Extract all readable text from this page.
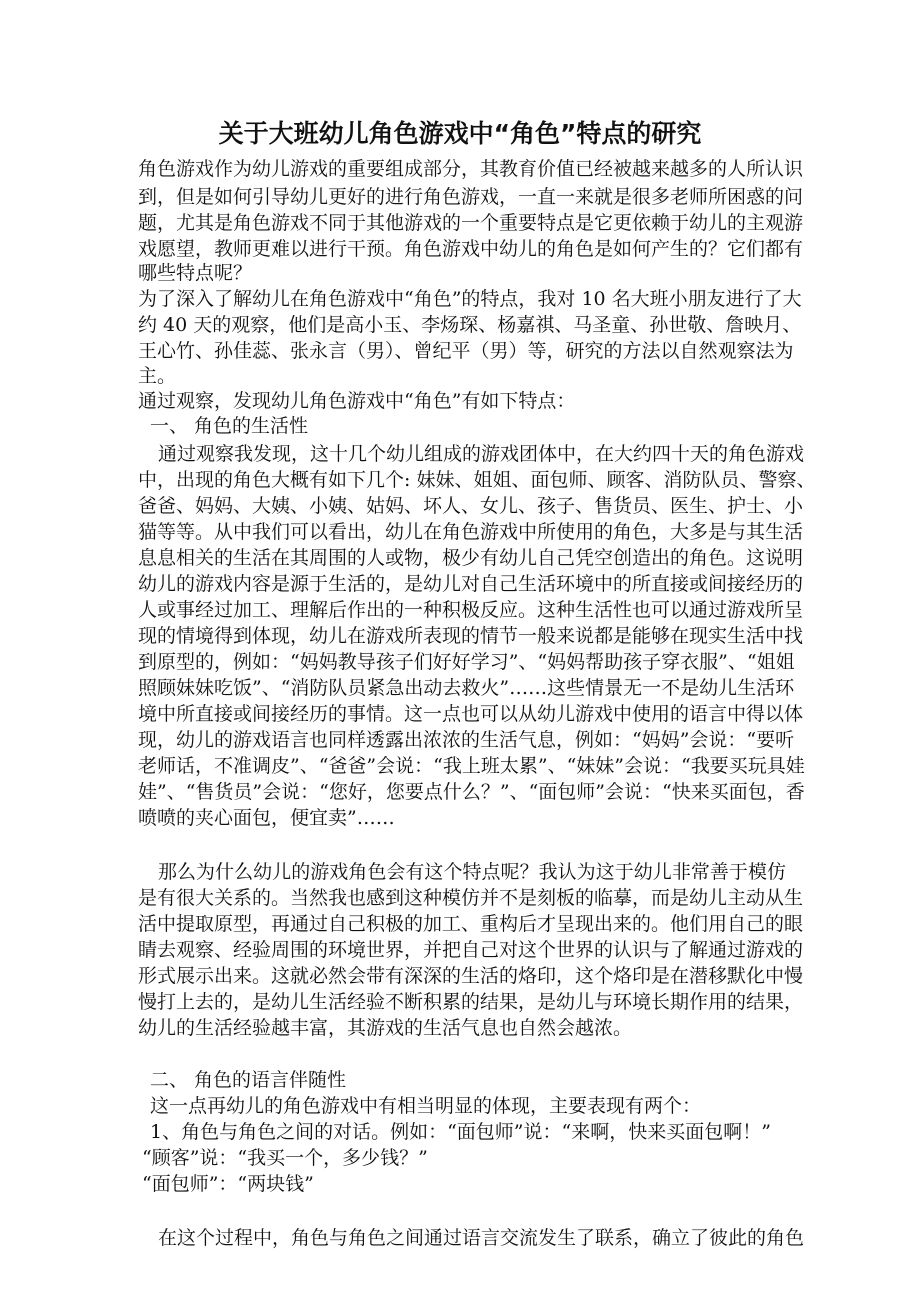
关于大班幼儿角色游戏中“角色”特点的研究

角色游戏作为幼儿游戏的重要组成部分，其教育价值已经被越来越多的人所认识

到，但是如何引导幼儿更好的进行角色游戏，一直一来就是很多老师所困惑的问

题，尤其是角色游戏不同于其他游戏的一个重要特点是它更依赖于幼儿的主观游

戏愿望，教师更难以进行干预。角色游戏中幼儿的角色是如何产生的？它们都有

哪些特点呢？

为了深入了解幼儿在角色游戏中“角色”的特点，我对 10 名大班小朋友进行了大

约 40 天的观察，他们是高小玉、李炀琛、杨嘉祺、马圣童、孙世敬、詹映月、

王心竹、孙佳蕊、张永言（男）、曾纪平（男）等，研究的方法以自然观察法为

主。

通过观察，发现幼儿角色游戏中“角色”有如下特点：

一、 角色的生活性

通过观察我发现，这十几个幼儿组成的游戏团体中，在大约四十天的角色游戏

中，出现的角色大概有如下几个: 妹妹、姐姐、面包师、顾客、消防队员、警察、

爸爸、妈妈、大姨、小姨、姑妈、坏人、女儿、孩子、售货员、医生、护士、小

猫等等。从中我们可以看出，幼儿在角色游戏中所使用的角色，大多是与其生活

息息相关的生活在其周围的人或物，极少有幼儿自己凭空创造出的角色。这说明

幼儿的游戏内容是源于生活的，是幼儿对自己生活环境中的所直接或间接经历的

人或事经过加工、理解后作出的一种积极反应。这种生活性也可以通过游戏所呈

现的情境得到体现，幼儿在游戏所表现的情节一般来说都是能够在现实生活中找

到原型的，例如：“妈妈教导孩子们好好学习”、“妈妈帮助孩子穿衣服”、“姐姐

照顾妹妹吃饭”、“消防队员紧急出动去救火”……这些情景无一不是幼儿生活环

境中所直接或间接经历的事情。这一点也可以从幼儿游戏中使用的语言中得以体

现，幼儿的游戏语言也同样透露出浓浓的生活气息，例如：“妈妈”会说：“要听

老师话，不准调皮”、“爸爸”会说：“我上班太累”、“妹妹”会说：“我要买玩具娃

娃”、“售货员”会说：“您好，您要点什么？”、“面包师”会说：“快来买面包，香

喷喷的夹心面包，便宜卖”……

那么为什么幼儿的游戏角色会有这个特点呢？我认为这于幼儿非常善于模仿

是有很大关系的。当然我也感到这种模仿并不是刻板的临摹，而是幼儿主动从生

活中提取原型，再通过自己积极的加工、重构后才呈现出来的。他们用自己的眼

睛去观察、经验周围的环境世界，并把自己对这个世界的认识与了解通过游戏的

形式展示出来。这就必然会带有深深的生活的烙印，这个烙印是在潜移默化中慢

慢打上去的，是幼儿生活经验不断积累的结果，是幼儿与环境长期作用的结果，

幼儿的生活经验越丰富，其游戏的生活气息也自然会越浓。

二、 角色的语言伴随性

这一点再幼儿的角色游戏中有相当明显的体现，主要表现有两个：

1、角色与角色之间的对话。例如：“面包师”说：“来啊，快来买面包啊！”

“顾客”说：“我买一个，多少钱？”

“面包师”：“两块钱”

在这个过程中，角色与角色之间通过语言交流发生了联系，确立了彼此的角色
